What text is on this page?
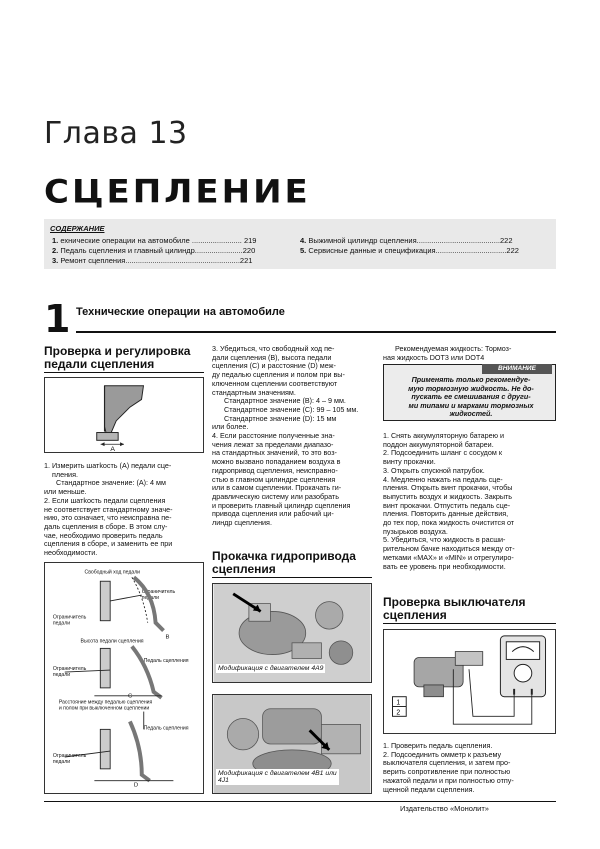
Глава 13
СЦЕПЛЕНИЕ
СОДЕРЖАНИЕ
1. ехнические операции на автомобиле ........................ 219
2. Педаль сцепления и главный цилиндр.......................220
3. Ремонт сцепления.......................................................221
4. Выжимной цилиндр сцепления........................................222
5. Сервисные данные и спецификация..................................222
1 Технические операции на автомобиле
Проверка и регулировка педали сцепления
A
1. Измерить шатkость (A) педали сце-
пления.
Стандартное значение: (A): 4 мм
или меньше.
2. Если шатkость педали сцепления
не соответствует стандартному значе-
нию, это означает, что неисправна пе-
даль сцепления в сборе. В этом слу-
чае, необходимо проверить педаль
сцепления в сборе, и заменить ее при
необходимости.
Свободный ход педали
Ограничитель
педали
Ограничитель
педали
Высота педали сцепления
Педаль сцепления
Ограничитель
педали
Расстояние между педалью сцепления
и полом при выключенном сцеплении
Педаль сцепления
Ограничитель
педали
B
C
D
3. Убедиться, что свободный ход пе-
дали сцепления (B), высота педали
сцепления (C) и расстояние (D) меж-
ду педалью сцепления и полом при вы-
ключенном сцеплении соответствуют
стандартным значениям.
Стандартное значение (B): 4 – 9 мм.
Стандартное значение (C): 99 – 105 мм.
Стандартное значение (D): 15 мм
или более.
4. Если расстояние полученные зна-
чения лежат за пределами диапазо-
на стандартных значений, то это воз-
можно вызвано попаданием воздуха в
гидропривод сцепления, неисправно-
стью в главном цилиндре сцепления
или в самом сцеплении. Прокачать ги-
дравлическую систему или разобрать
и проверить главный цилиндр сцепления
привода сцепления или рабочий ци-
линдр сцепления.
Прокачка гидропривода сцепления
Модификация с двигателем 4A9
Модификация с двигателем 4B1 или
4J1
Рекомендуемая жидкость: Тормоз-
ная жидкость DOT3 или DOT4
ВНИМАНИЕ
Применять только рекомендуе-
мую тормозную жидкость. Не до-
пускать ее смешивания с други-
ми типами и марками тормозных
жидкостей.
1. Снять аккумуляторную батарею и
поддон аккумуляторной батареи.
2. Подсоединить шланг с сосудом к
винту прокачки.
3. Открыть спускной патрубок.
4. Медленно нажать на педаль сце-
пления. Открыть винт прокачки, чтобы
выпустить воздух и жидкость. Закрыть
винт прокачки. Отпустить педаль сце-
пления. Повторить данные действия,
до тех пор, пока жидкость очистится от
пузырьков воздуха.
5. Убедиться, что жидкость в расши-
рительном бачке находиться между от-
метками «MAX» и «MIN» и отрегулиро-
вать ее уровень при необходимости.
Проверка выключателя сцепления
1
2
1. Проверить педаль сцепления.
2. Подсоединить омметр к разъему
выключателя сцепления, и затем про-
верить сопротивление при полностью
нажатой педали и при полностью отпу-
щенной педали сцепления.
Издательство «Монолит»
